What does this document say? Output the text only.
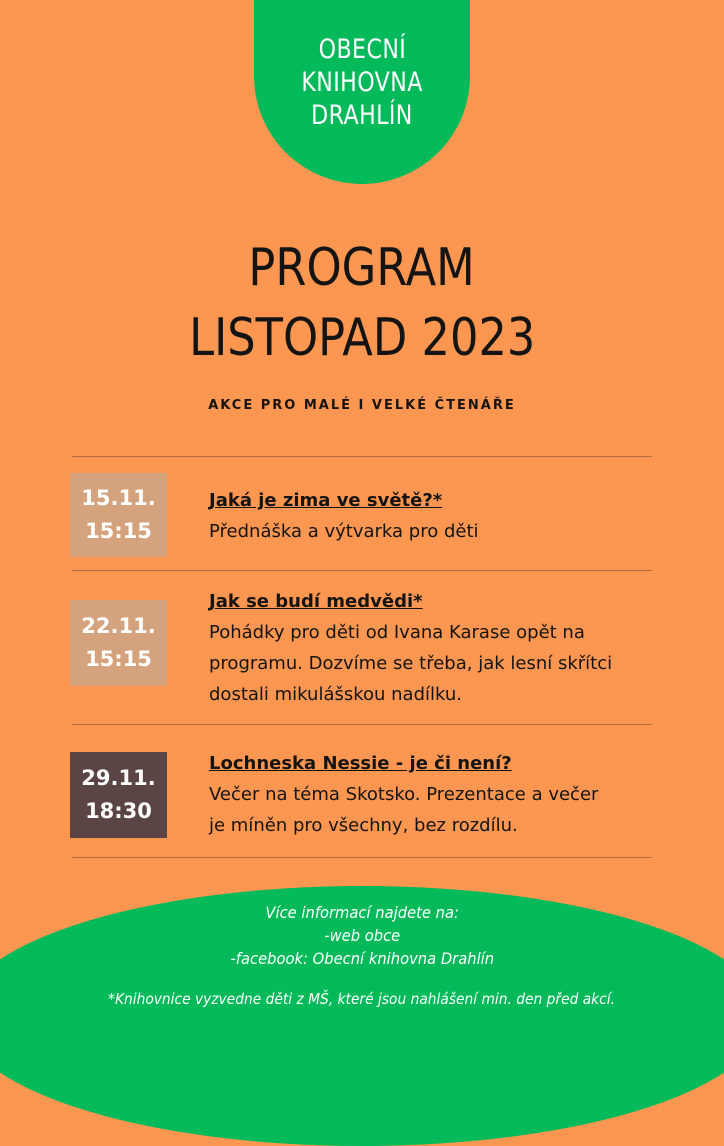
OBECNÍ
KNIHOVNA
DRAHLÍN
PROGRAM
LISTOPAD 2023
AKCE PRO MALÉ I VELKÉ ČTENÁŘE
15.11.
15:15
Jaká je zima ve světě?*
Přednáška a výtvarka pro děti
22.11.
15:15
Jak se budí medvědi*
Pohádky pro děti od Ivana Karase opět na
programu. Dozvíme se třeba, jak lesní skřítci
dostali mikulášskou nadílku.
29.11.
18:30
Lochneska Nessie - je či není?
Večer na téma Skotsko. Prezentace a večer
je míněn pro všechny, bez rozdílu.
Více informací najdete na:
-web obce
-facebook: Obecní knihovna Drahlín
*Knihovnice vyzvedne děti z MŠ, které jsou nahlášení min. den před akcí.
